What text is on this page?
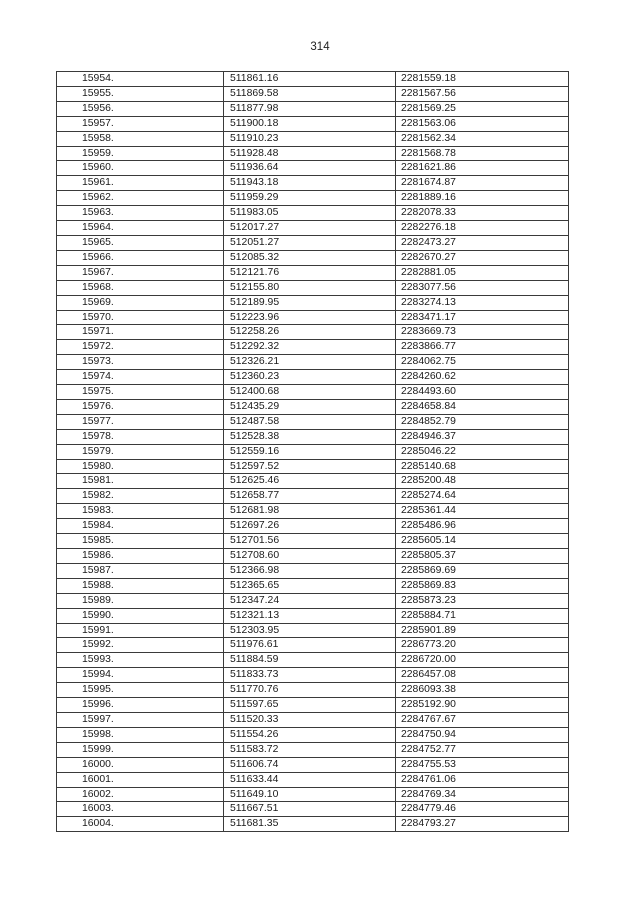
314
15954.	511861.16	2281559.18
15955.	511869.58	2281567.56
15956.	511877.98	2281569.25
15957.	511900.18	2281563.06
15958.	511910.23	2281562.34
15959.	511928.48	2281568.78
15960.	511936.64	2281621.86
15961.	511943.18	2281674.87
15962.	511959.29	2281889.16
15963.	511983.05	2282078.33
15964.	512017.27	2282276.18
15965.	512051.27	2282473.27
15966.	512085.32	2282670.27
15967.	512121.76	2282881.05
15968.	512155.80	2283077.56
15969.	512189.95	2283274.13
15970.	512223.96	2283471.17
15971.	512258.26	2283669.73
15972.	512292.32	2283866.77
15973.	512326.21	2284062.75
15974.	512360.23	2284260.62
15975.	512400.68	2284493.60
15976.	512435.29	2284658.84
15977.	512487.58	2284852.79
15978.	512528.38	2284946.37
15979.	512559.16	2285046.22
15980.	512597.52	2285140.68
15981.	512625.46	2285200.48
15982.	512658.77	2285274.64
15983.	512681.98	2285361.44
15984.	512697.26	2285486.96
15985.	512701.56	2285605.14
15986.	512708.60	2285805.37
15987.	512366.98	2285869.69
15988.	512365.65	2285869.83
15989.	512347.24	2285873.23
15990.	512321.13	2285884.71
15991.	512303.95	2285901.89
15992.	511976.61	2286773.20
15993.	511884.59	2286720.00
15994.	511833.73	2286457.08
15995.	511770.76	2286093.38
15996.	511597.65	2285192.90
15997.	511520.33	2284767.67
15998.	511554.26	2284750.94
15999.	511583.72	2284752.77
16000.	511606.74	2284755.53
16001.	511633.44	2284761.06
16002.	511649.10	2284769.34
16003.	511667.51	2284779.46
16004.	511681.35	2284793.27
